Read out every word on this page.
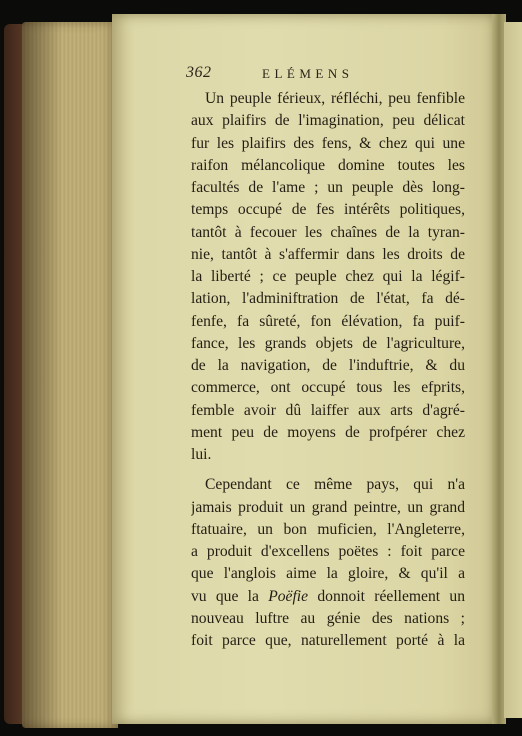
362	ELÉMENS
Un peuple férieux, réfléchi, peu fenfible
aux plaifirs de l'imagination, peu délicat
fur les plaifirs des fens, & chez qui une
raifon mélancolique domine toutes les
facultés de l'ame ; un peuple dès long-
temps occupé de fes intérêts politiques,
tantôt à fecouer les chaînes de la tyran-
nie, tantôt à s'affermir dans les droits de
la liberté ; ce peuple chez qui la légif-
lation, l'adminiftration de l'état, fa dé-
fenfe, fa sûreté, fon élévation, fa puif-
fance, les grands objets de l'agriculture,
de la navigation, de l'induftrie, & du
commerce, ont occupé tous les efprits,
femble avoir dû laiffer aux arts d'agré-
ment peu de moyens de profpérer chez
lui.
Cependant ce même pays, qui n'a
jamais produit un grand peintre, un grand
ftatuaire, un bon muficien, l'Angleterre,
a produit d'excellens poëtes : foit parce
que l'anglois aime la gloire, & qu'il a
vu que la Poëfie donnoit réellement un
nouveau luftre au génie des nations ;
foit parce que, naturellement porté à la
